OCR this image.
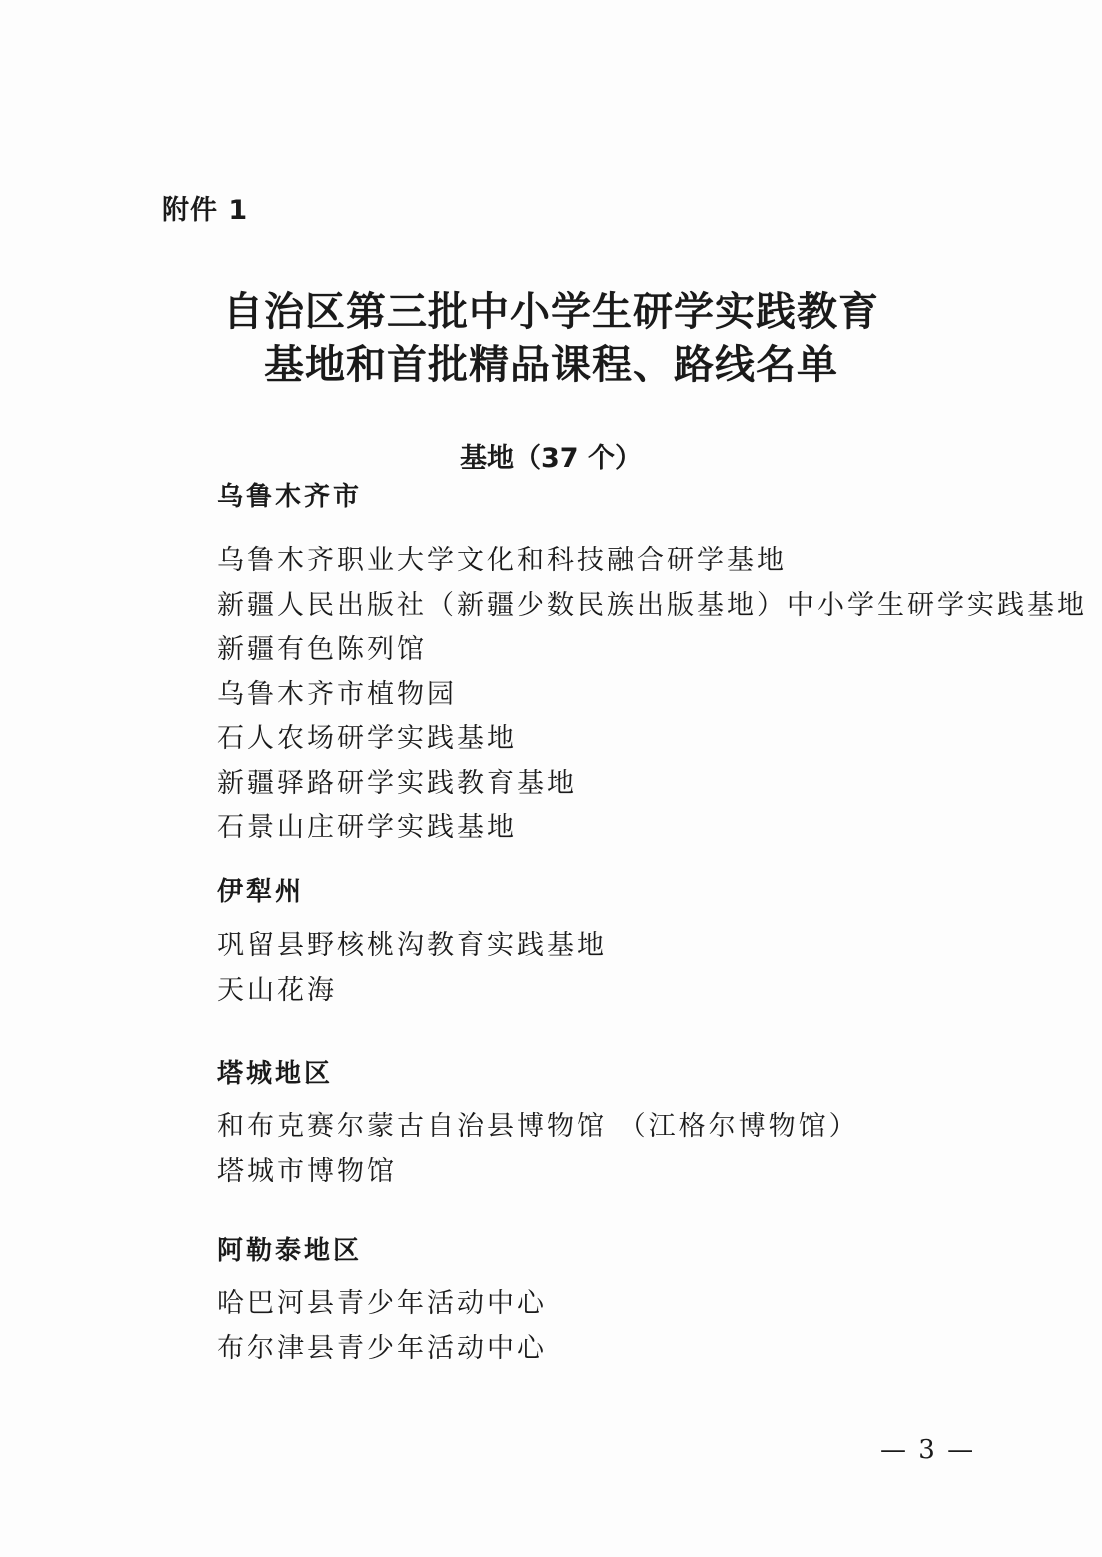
附件 1
自治区第三批中小学生研学实践教育
基地和首批精品课程、路线名单
基地（37 个）
乌鲁木齐市
乌鲁木齐职业大学文化和科技融合研学基地
新疆人民出版社（新疆少数民族出版基地）中小学生研学实践基地
新疆有色陈列馆
乌鲁木齐市植物园
石人农场研学实践基地
新疆驿路研学实践教育基地
石景山庄研学实践基地
伊犁州
巩留县野核桃沟教育实践基地
天山花海
塔城地区
和布克赛尔蒙古自治县博物馆 （江格尔博物馆）
塔城市博物馆
阿勒泰地区
哈巴河县青少年活动中心
布尔津县青少年活动中心
— 3 —
